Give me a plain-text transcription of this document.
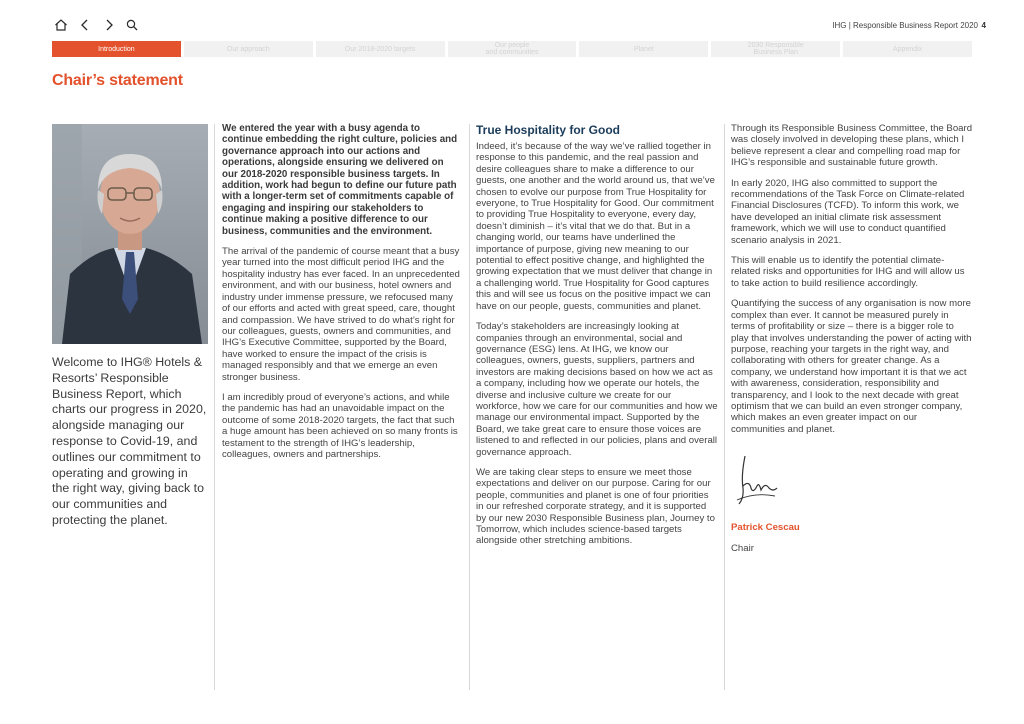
IHG | Responsible Business Report 2020 4
Introduction	Our approach	Our 2018-2020 targets	Our people
and communities	Planet	2030 Responsible
Business Plan	Appendix
Chair’s statement

Welcome to IHG® Hotels & Resorts’ Responsible Business Report, which charts our progress in 2020, alongside managing our response to Covid-19, and outlines our commitment to operating and growing in the right way, giving back to our communities and protecting the planet.

We entered the year with a busy agenda to continue embedding the right culture, policies and governance approach into our actions and operations, alongside ensuring we delivered on our 2018-2020 responsible business targets. In addition, work had begun to define our future path with a longer-term set of commitments capable of engaging and inspiring our stakeholders to continue making a positive difference to our business, communities and the environment.

The arrival of the pandemic of course meant that a busy year turned into the most difficult period IHG and the hospitality industry has ever faced. In an unprecedented environment, and with our business, hotel owners and industry under immense pressure, we refocused many of our efforts and acted with great speed, care, thought and compassion. We have strived to do what’s right for our colleagues, guests, owners and communities, and IHG’s Executive Committee, supported by the Board, have worked to ensure the impact of the crisis is managed responsibly and that we emerge an even stronger business.

I am incredibly proud of everyone’s actions, and while the pandemic has had an unavoidable impact on the outcome of some 2018-2020 targets, the fact that such a huge amount has been achieved on so many fronts is testament to the strength of IHG’s leadership, colleagues, owners and partnerships.

True Hospitality for Good

Indeed, it’s because of the way we’ve rallied together in response to this pandemic, and the real passion and desire colleagues share to make a difference to our guests, one another and the world around us, that we’ve chosen to evolve our purpose from True Hospitality for everyone, to True Hospitality for Good. Our commitment to providing True Hospitality to everyone, every day, doesn’t diminish – it’s vital that we do that. But in a changing world, our teams have underlined the importance of purpose, giving new meaning to our potential to effect positive change, and highlighted the growing expectation that we must deliver that change in a challenging world. True Hospitality for Good captures this and will see us focus on the positive impact we can have on our people, guests, communities and planet.

Today’s stakeholders are increasingly looking at companies through an environmental, social and governance (ESG) lens. At IHG, we know our colleagues, owners, guests, suppliers, partners and investors are making decisions based on how we act as a company, including how we operate our hotels, the diverse and inclusive culture we create for our workforce, how we care for our communities and how we manage our environmental impact. Supported by the Board, we take great care to ensure those voices are listened to and reflected in our policies, plans and overall governance approach.

We are taking clear steps to ensure we meet those expectations and deliver on our purpose. Caring for our people, communities and planet is one of four priorities in our refreshed corporate strategy, and it is supported by our new 2030 Responsible Business plan, Journey to Tomorrow, which includes science-based targets alongside other stretching ambitions.

Through its Responsible Business Committee, the Board was closely involved in developing these plans, which I believe represent a clear and compelling road map for IHG’s responsible and sustainable future growth.

In early 2020, IHG also committed to support the recommendations of the Task Force on Climate-related Financial Disclosures (TCFD). To inform this work, we have developed an initial climate risk assessment framework, which we will use to conduct quantified scenario analysis in 2021.

This will enable us to identify the potential climate-related risks and opportunities for IHG and will allow us to take action to build resilience accordingly.

Quantifying the success of any organisation is now more complex than ever. It cannot be measured purely in terms of profitability or size – there is a bigger role to play that involves understanding the power of acting with purpose, reaching your targets in the right way, and collaborating with others for greater change. As a company, we understand how important it is that we act with awareness, consideration, responsibility and transparency, and I look to the next decade with great optimism that we can build an even stronger company, which makes an even greater impact on our communities and planet.

Patrick Cescau
Chair
